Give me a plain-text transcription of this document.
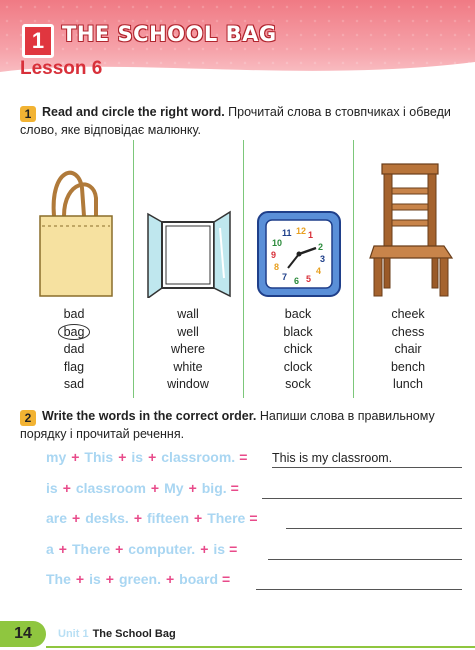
1 THE SCHOOL BAG
Lesson 6
1 Read and circle the right word. Прочитай слова в стовпчиках і обведи слово, яке відповідає малюнку.
bad
bag
dad
flag
sad
wall
well
where
white
window
12 1
2
3
4
5
6
7
8
9
10
11
back
black
chick
clock
sock
cheek
chess
chair
bench
lunch
2 Write the words in the correct order. Напиши слова в правильному порядку і прочитай речення.
my + This + is + classroom. = This is my classroom.
is + classroom + My + big. =
are + desks. + fifteen + There =
a + There + computer. + is =
The + is + green. + board =
14	Unit 1 The School Bag
